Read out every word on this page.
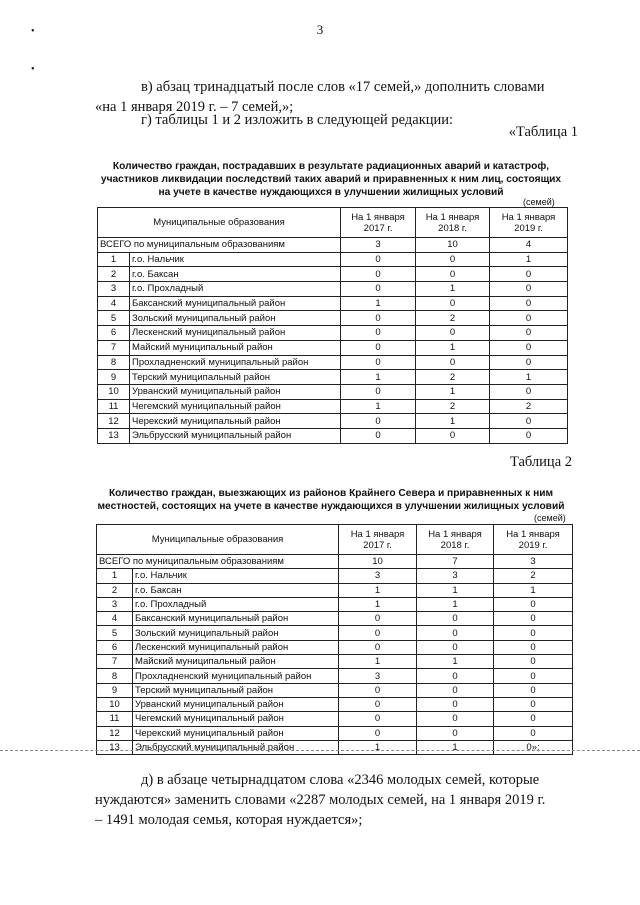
3
•
•
в) абзац тринадцатый после слов «17 семей,» дополнить словами
«на 1 января 2019 г. – 7 семей,»;
г) таблицы 1 и 2 изложить в следующей редакции:
«Таблица 1
Количество граждан, пострадавших в результате радиационных аварий и катастроф,
участников ликвидации последствий таких аварий и приравненных к ним лиц, состоящих
на учете в качестве нуждающихся в улучшении жилищных условий
(семей)
Муниципальные образования		На 1 января 2017 г.	На 1 января 2018 г.	На 1 января 2019 г.
ВСЕГО по муниципальным образованиям		3	10	4
1	г.о. Нальчик	0	0	1
2	г.о. Баксан	0	0	0
3	г.о. Прохладный	0	1	0
4	Баксанский муниципальный район	1	0	0
5	Зольский муниципальный район	0	2	0
6	Лескенский муниципальный район	0	0	0
7	Майский муниципальный район	0	1	0
8	Прохладненский муниципальный район	0	0	0
9	Терский муниципальный район	1	2	1
10	Урванский муниципальный район	0	1	0
11	Чегемский муниципальный район	1	2	2
12	Черекский муниципальный район	0	1	0
13	Эльбрусский муниципальный район	0	0	0
Таблица 2
Количество граждан, выезжающих из районов Крайнего Севера и приравненных к ним
местностей, состоящих на учете в качестве нуждающихся в улучшении жилищных условий
(семей)
Муниципальные образования		На 1 января 2017 г.	На 1 января 2018 г.	На 1 января 2019 г.
ВСЕГО по муниципальным образованиям		10	7	3
1	г.о. Нальчик	3	3	2
2	г.о. Баксан	1	1	1
3	г.о. Прохладный	1	1	0
4	Баксанский муниципальный район	0	0	0
5	Зольский муниципальный район	0	0	0
6	Лескенский муниципальный район	0	0	0
7	Майский муниципальный район	1	1	0
8	Прохладненский муниципальный район	3	0	0
9	Терский муниципальный район	0	0	0
10	Урванский муниципальный район	0	0	0
11	Чегемский муниципальный район	0	0	0
12	Черекский муниципальный район	0	0	0
13	Эльбрусский муниципальный район	1	1	0»;
д) в абзаце четырнадцатом слова «2346 молодых семей, которые
нуждаются» заменить словами «2287 молодых семей, на 1 января 2019 г.
– 1491 молодая семья, которая нуждается»;
